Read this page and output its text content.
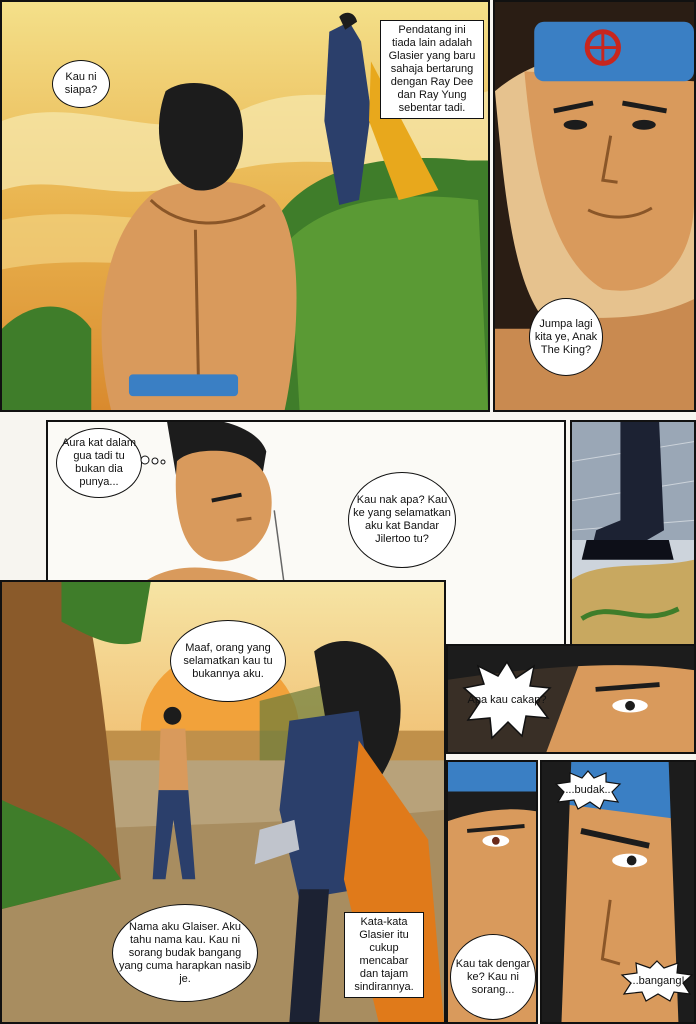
Kau ni siapa?
Pendatang ini tiada lain adalah Glasier yang baru sahaja bertarung dengan Ray Dee dan Ray Yung sebentar tadi.
Jumpa lagi kita ye, Anak The King?
Aura kat dalam gua tadi tu bukan dia punya...
Kau nak apa? Kau ke yang selamatkan aku kat Bandar Jilertoo tu?
Maaf, orang yang selamatkan kau tu bukannya aku.
Nama aku Glaiser. Aku tahu nama kau. Kau ni sorang budak bangang yang cuma harapkan nasib je.
Kata-kata Glasier itu cukup mencabar dan tajam sindirannya.
Apa kau cakap?
Kau tak dengar ke? Kau ni sorang...
...budak..
...bangang!
